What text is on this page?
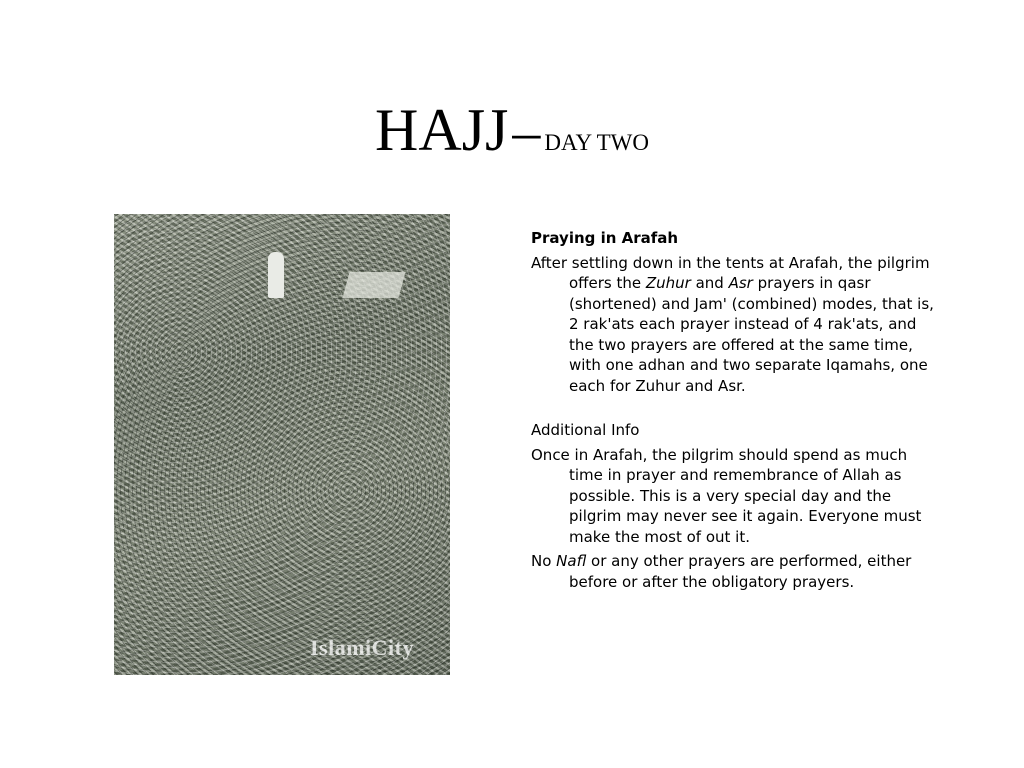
HAJJ– DAY TWO
IslamiCity

Praying in Arafah

After settling down in the tents at Arafah, the pilgrim offers the Zuhur and Asr prayers in qasr (shortened) and Jam' (combined) modes, that is, 2 rak'ats each prayer instead of 4 rak'ats, and the two prayers are offered at the same time, with one adhan and two separate Iqamahs, one each for Zuhur and Asr.

Additional Info

Once in Arafah, the pilgrim should spend as much time in prayer and remembrance of Allah as possible. This is a very special day and the pilgrim may never see it again. Everyone must make the most of out it.

No Nafl or any other prayers are performed, either before or after the obligatory prayers.
